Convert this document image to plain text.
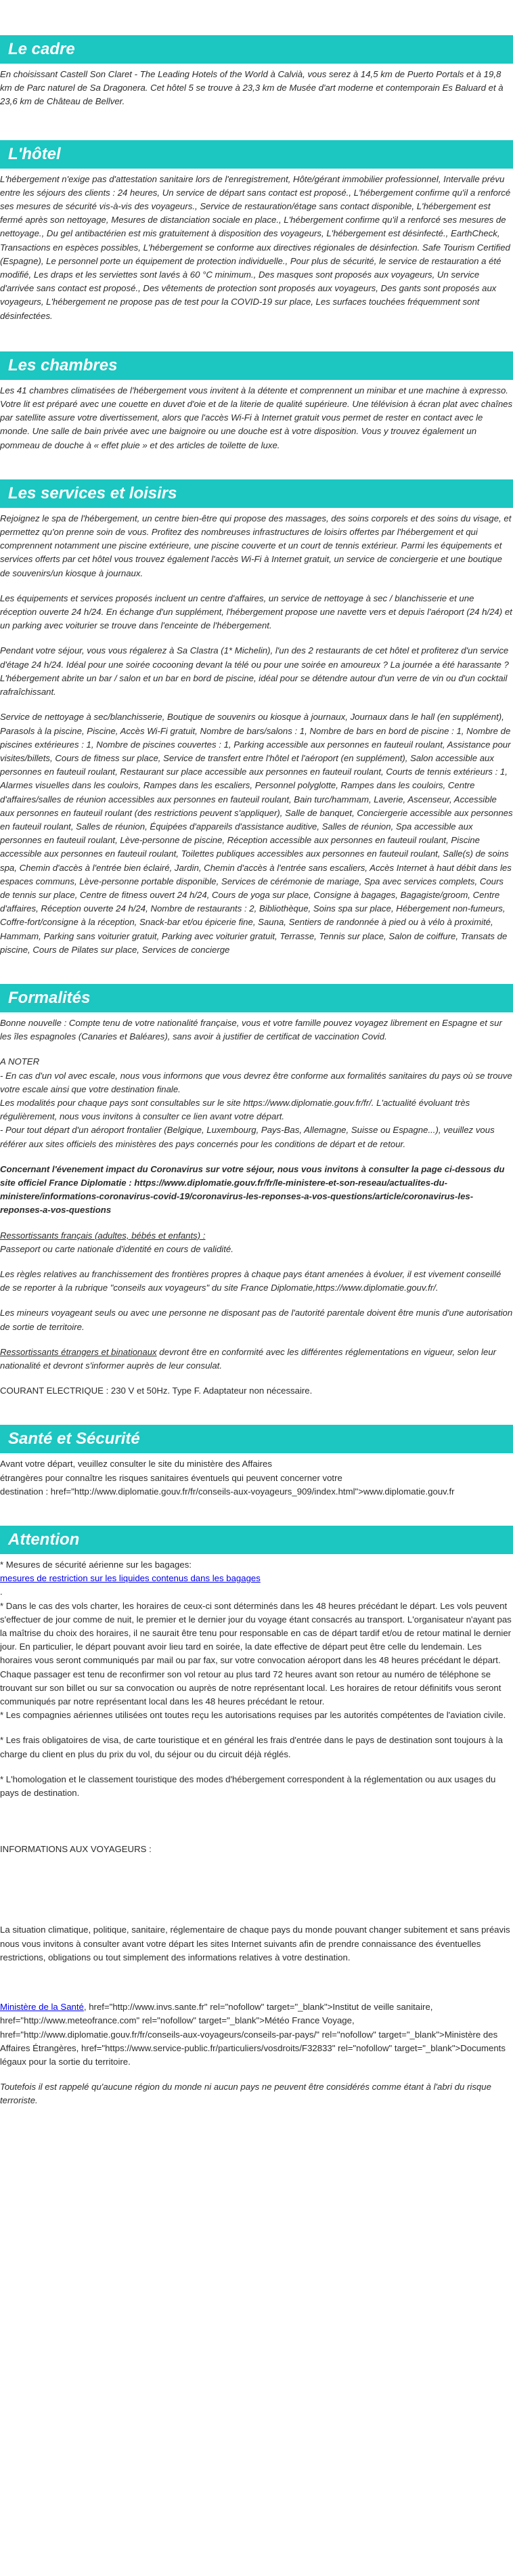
Le cadre

En choisissant Castell Son Claret - The Leading Hotels of the World à Calvià, vous serez à 14,5 km de Puerto Portals et à 19,8 km de Parc naturel de Sa Dragonera. Cet hôtel 5 se trouve à 23,3 km de Musée d'art moderne et contemporain Es Baluard et à 23,6 km de Château de Bellver.

L'hôtel

L'hébergement n'exige pas d'attestation sanitaire lors de l'enregistrement, Hôte/gérant immobilier professionnel, Intervalle prévu entre les séjours des clients : 24 heures, Un service de départ sans contact est proposé., L'hébergement confirme qu'il a renforcé ses mesures de sécurité vis-à-vis des voyageurs., Service de restauration/étage sans contact disponible, L'hébergement est fermé après son nettoyage, Mesures de distanciation sociale en place., L'hébergement confirme qu'il a renforcé ses mesures de nettoyage., Du gel antibactérien est mis gratuitement à disposition des voyageurs, L'hébergement est désinfecté., EarthCheck, Transactions en espèces possibles, L'hébergement se conforme aux directives régionales de désinfection. Safe Tourism Certified (Espagne), Le personnel porte un équipement de protection individuelle., Pour plus de sécurité, le service de restauration a été modifié, Les draps et les serviettes sont lavés à 60 °C minimum., Des masques sont proposés aux voyageurs, Un service d'arrivée sans contact est proposé., Des vêtements de protection sont proposés aux voyageurs, Des gants sont proposés aux voyageurs, L'hébergement ne propose pas de test pour la COVID-19 sur place, Les surfaces touchées fréquemment sont désinfectées.

Les chambres

Les 41 chambres climatisées de l'hébergement vous invitent à la détente et comprennent un minibar et une machine à expresso. Votre lit est préparé avec une couette en duvet d'oie et de la literie de qualité supérieure. Une télévision à écran plat avec chaînes par satellite assure votre divertissement, alors que l'accès Wi-Fi à Internet gratuit vous permet de rester en contact avec le monde. Une salle de bain privée avec une baignoire ou une douche est à votre disposition. Vous y trouvez également un pommeau de douche à « effet pluie » et des articles de toilette de luxe.

Les services et loisirs

Rejoignez le spa de l'hébergement, un centre bien-être qui propose des massages, des soins corporels et des soins du visage, et permettez qu'on prenne soin de vous. Profitez des nombreuses infrastructures de loisirs offertes par l'hébergement et qui comprennent notamment une piscine extérieure, une piscine couverte et un court de tennis extérieur. Parmi les équipements et services offerts par cet hôtel vous trouvez également l'accès Wi-Fi à Internet gratuit, un service de conciergerie et une boutique de souvenirs/un kiosque à journaux.

Les équipements et services proposés incluent un centre d'affaires, un service de nettoyage à sec / blanchisserie et une réception ouverte 24 h/24. En échange d'un supplément, l'hébergement propose une navette vers et depuis l'aéroport (24 h/24) et un parking avec voiturier se trouve dans l'enceinte de l'hébergement.

Pendant votre séjour, vous vous régalerez à Sa Clastra (1* Michelin), l'un des 2 restaurants de cet hôtel et profiterez d'un service d'étage 24 h/24. Idéal pour une soirée cocooning devant la télé ou pour une soirée en amoureux ? La journée a été harassante ? L'hébergement abrite un bar / salon et un bar en bord de piscine, idéal pour se détendre autour d'un verre de vin ou d'un cocktail rafraîchissant.

Service de nettoyage à sec/blanchisserie, Boutique de souvenirs ou kiosque à journaux, Journaux dans le hall (en supplément), Parasols à la piscine, Piscine, Accès Wi-Fi gratuit, Nombre de bars/salons : 1, Nombre de bars en bord de piscine : 1, Nombre de piscines extérieures : 1, Nombre de piscines couvertes : 1, Parking accessible aux personnes en fauteuil roulant, Assistance pour visites/billets, Cours de fitness sur place, Service de transfert entre l'hôtel et l'aéroport (en supplément), Salon accessible aux personnes en fauteuil roulant, Restaurant sur place accessible aux personnes en fauteuil roulant, Courts de tennis extérieurs : 1, Alarmes visuelles dans les couloirs, Rampes dans les escaliers, Personnel polyglotte, Rampes dans les couloirs, Centre d'affaires/salles de réunion accessibles aux personnes en fauteuil roulant, Bain turc/hammam, Laverie, Ascenseur, Accessible aux personnes en fauteuil roulant (des restrictions peuvent s'appliquer), Salle de banquet, Conciergerie accessible aux personnes en fauteuil roulant, Salles de réunion, Équipées d'appareils d'assistance auditive, Salles de réunion, Spa accessible aux personnes en fauteuil roulant, Lève-personne de piscine, Réception accessible aux personnes en fauteuil roulant, Piscine accessible aux personnes en fauteuil roulant, Toilettes publiques accessibles aux personnes en fauteuil roulant, Salle(s) de soins spa, Chemin d'accès à l'entrée bien éclairé, Jardin, Chemin d'accès à l'entrée sans escaliers, Accès Internet à haut débit dans les espaces communs, Lève-personne portable disponible, Services de cérémonie de mariage, Spa avec services complets, Cours de tennis sur place, Centre de fitness ouvert 24 h/24, Cours de yoga sur place, Consigne à bagages, Bagagiste/groom, Centre d'affaires, Réception ouverte 24 h/24, Nombre de restaurants : 2, Bibliothèque, Soins spa sur place, Hébergement non-fumeurs, Coffre-fort/consigne à la réception, Snack-bar et/ou épicerie fine, Sauna, Sentiers de randonnée à pied ou à vélo à proximité, Hammam, Parking sans voiturier gratuit, Parking avec voiturier gratuit, Terrasse, Tennis sur place, Salon de coiffure, Transats de piscine, Cours de Pilates sur place, Services de concierge

Formalités

Bonne nouvelle : Compte tenu de votre nationalité française, vous et votre famille pouvez voyagez librement en Espagne et sur les îles espagnoles (Canaries et Baléares), sans avoir à justifier de certificat de vaccination Covid.

A NOTER
- En cas d'un vol avec escale, nous vous informons que vous devrez être conforme aux formalités sanitaires du pays où se trouve votre escale ainsi que votre destination finale.
Les modalités pour chaque pays sont consultables sur le site https://www.diplomatie.gouv.fr/fr/. L'actualité évoluant très régulièrement, nous vous invitons à consulter ce lien avant votre départ.
- Pour tout départ d'un aéroport frontalier (Belgique, Luxembourg, Pays-Bas, Allemagne, Suisse ou Espagne...), veuillez vous référer aux sites officiels des ministères des pays concernés pour les conditions de départ et de retour.

Concernant l'évenement impact du Coronavirus sur votre séjour, nous vous invitons à consulter la page ci-dessous du site officiel France Diplomatie : https://www.diplomatie.gouv.fr/fr/le-ministere-et-son-reseau/actualites-du-ministere/informations-coronavirus-covid-19/coronavirus-les-reponses-a-vos-questions/article/coronavirus-les-reponses-a-vos-questions

Ressortissants français (adultes, bébés et enfants) :
Passeport ou carte nationale d'identité en cours de validité.

Les règles relatives au franchissement des frontières propres à chaque pays étant amenées à évoluer, il est vivement conseillé de se reporter à la rubrique "conseils aux voyageurs" du site France Diplomatie,https://www.diplomatie.gouv.fr/.

Les mineurs voyageant seuls ou avec une personne ne disposant pas de l'autorité parentale doivent être munis d'une autorisation de sortie de territoire.

Ressortissants étrangers et binationaux devront être en conformité avec les différentes réglementations en vigueur, selon leur nationalité et devront s'informer auprès de leur consulat.

COURANT ELECTRIQUE : 230 V et 50Hz. Type F. Adaptateur non nécessaire.

Santé et Sécurité

Avant votre départ, veuillez consulter le site du ministère des Affaires
étrangères pour connaître les risques sanitaires éventuels qui peuvent concerner votre
destination : href="http://www.diplomatie.gouv.fr/fr/conseils-aux-voyageurs_909/index.html">www.diplomatie.gouv.fr

Attention

* Mesures de sécurité aérienne sur les bagages:
mesures de restriction sur les liquides contenus dans les bagages
.
* Dans le cas des vols charter, les horaires de ceux-ci sont déterminés dans les 48 heures précédant le départ. Les vols peuvent s'effectuer de jour comme de nuit, le premier et le dernier jour du voyage étant consacrés au transport. L'organisateur n'ayant pas la maîtrise du choix des horaires, il ne saurait être tenu pour responsable en cas de départ tardif et/ou de retour matinal le dernier jour. En particulier, le départ pouvant avoir lieu tard en soirée, la date effective de départ peut être celle du lendemain. Les horaires vous seront communiqués par mail ou par fax, sur votre convocation aéroport dans les 48 heures précédant le départ. Chaque passager est tenu de reconfirmer son vol retour au plus tard 72 heures avant son retour au numéro de téléphone se trouvant sur son billet ou sur sa convocation ou auprès de notre représentant local. Les horaires de retour définitifs vous seront communiqués par notre représentant local dans les 48 heures précédant le retour.
* Les compagnies aériennes utilisées ont toutes reçu les autorisations requises par les autorités compétentes de l'aviation civile.

* Les frais obligatoires de visa, de carte touristique et en général les frais d'entrée dans le pays de destination sont toujours à la charge du client en plus du prix du vol, du séjour ou du circuit déjà réglés.

* L'homologation et le classement touristique des modes d'hébergement correspondent à la réglementation ou aux usages du pays de destination.

INFORMATIONS AUX VOYAGEURS :

La situation climatique, politique, sanitaire, réglementaire de chaque pays du monde pouvant changer subitement et sans préavis
nous vous invitons à consulter avant votre départ les sites Internet suivants afin de prendre connaissance des éventuelles restrictions, obligations ou tout simplement des informations relatives à votre destination.

Ministère de la Santé, href="http://www.invs.sante.fr" rel="nofollow" target="_blank">Institut de veille sanitaire, href="http://www.meteofrance.com" rel="nofollow" target="_blank">Météo France Voyage, href="http://www.diplomatie.gouv.fr/fr/conseils-aux-voyageurs/conseils-par-pays/" rel="nofollow" target="_blank">Ministère des Affaires Étrangères, href="https://www.service-public.fr/particuliers/vosdroits/F32833" rel="nofollow" target="_blank">Documents légaux pour la sortie du territoire.

Toutefois il est rappelé qu'aucune région du monde ni aucun pays ne peuvent être considérés comme étant à l'abri du risque terroriste.
